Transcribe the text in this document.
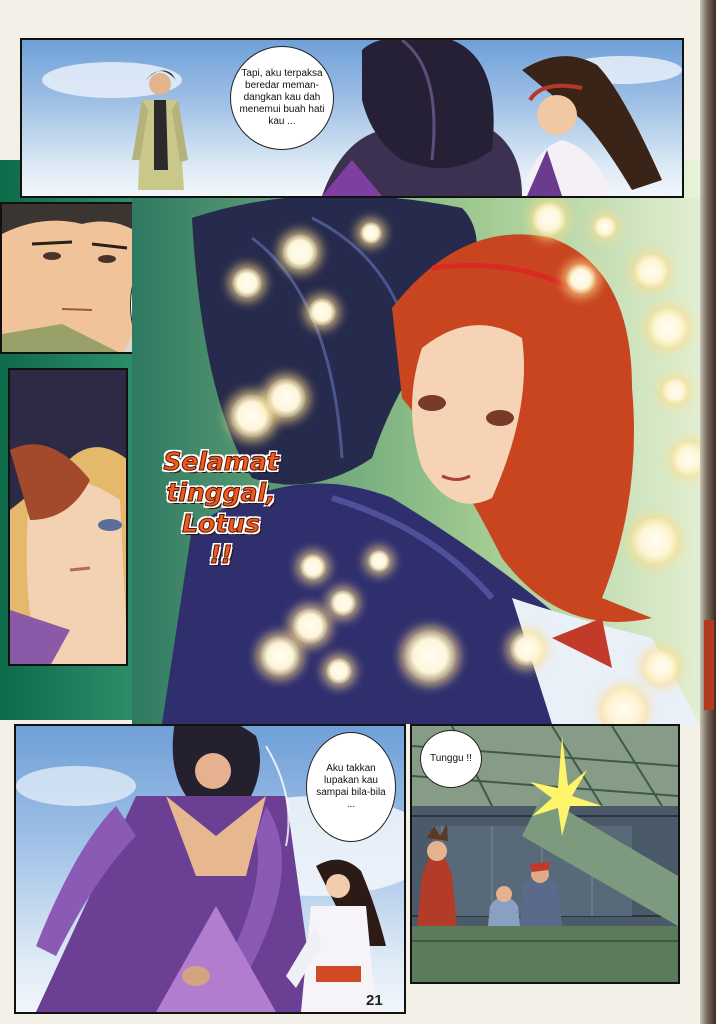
Tapi, aku terpaksa beredar meman-dangkan kau dah menemui buah hati kau ...
Selamat
tinggal,
Lotus
!!
Aku takkan lupakan kau sampai bila-bila ...
Tunggu !!
21
